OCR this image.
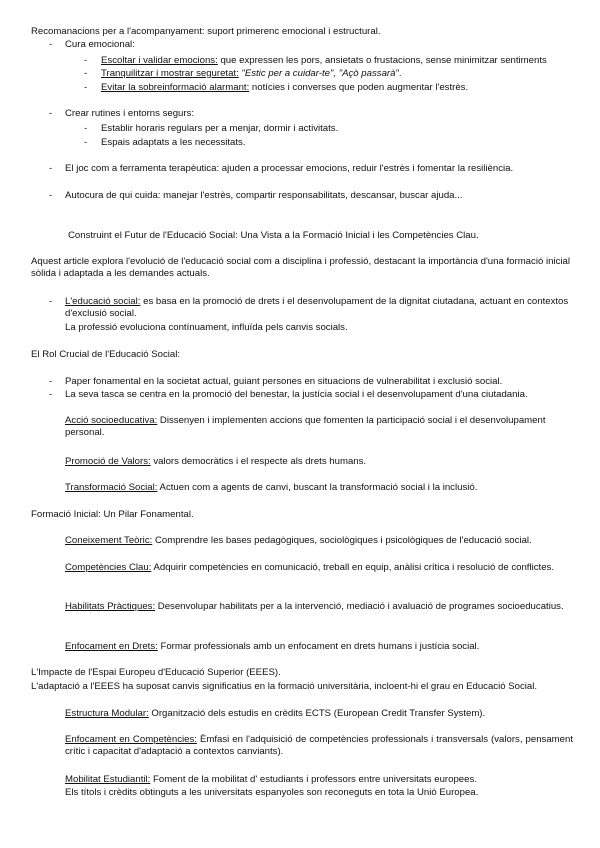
Recomanacions per a l'acompanyament: suport primerenc emocional i estructural.
- Cura emocional:
- Escoltar i validar emocions: que expressen les pors, ansietats o frustacions, sense minimitzar sentiments
- Tranquilitzar i mostrar seguretat: "Estic per a cuidar-te", "Açò passarà".
- Evitar la sobreinformació alarmant: notícies i converses que poden augmentar l'estrès.
- Crear rutines i entorns segurs:
- Establir horaris regulars per a menjar, dormir i activitats.
- Espais adaptats a les necessitats.
- El joc com a ferramenta terapèutica: ajuden a processar emocions, reduir l'estrès i fomentar la resiliència.
- Autocura de qui cuida: manejar l'estrès, compartir responsabilitats, descansar, buscar ajuda...
Construint el Futur de l'Educació Social: Una Vista a la Formació Inicial i les Competències Clau.
Aquest article explora l'evolució de l'educació social com a disciplina i professió, destacant la importància d'una formació inicial sòlida i adaptada a les demandes actuals.
- L'educació social: es basa en la promoció de drets i el desenvolupament de la dignitat ciutadana, actuant en contextos d'exclusió social.
La professió evoluciona contínuament, influïda pels canvis socials.
El Rol Crucial de l'Educació Social:
- Paper fonamental en la societat actual, guiant persones en situacions de vulnerabilitat i exclusió social.
- La seva tasca se centra en la promoció del benestar, la justícia social i el desenvolupament d'una ciutadania.
Acció socioeducativa: Dissenyen i implementen accions que fomenten la participació social i el desenvolupament personal.
Promoció de Valors: valors democràtics i el respecte als drets humans.
Transformació Social: Actuen com a agents de canvi, buscant la transformació social i la inclusió.
Formació Inicial: Un Pilar Fonamental.
Coneixement Teòric: Comprendre les bases pedagògiques, sociològiques i psicològiques de l'educació social.
Competències Clau: Adquirir competències en comunicació, treball en equip, anàlisi crítica i resolució de conflictes.
Habilitats Pràctiques: Desenvolupar habilitats per a la intervenció, mediació i avaluació de programes socioeducatius.
Enfocament en Drets: Formar professionals amb un enfocament en drets humans i justícia social.
L'Impacte de l'Espai Europeu d'Educació Superior (EEES).
L'adaptació a l'EEES ha suposat canvis significatius en la formació universitària, incloent-hi el grau en Educació Social.
Estructura Modular: Organització dels estudis en crèdits ECTS (European Credit Transfer System).
Enfocament en Competències: Èmfasi en l'adquisició de competències professionals i transversals (valors, pensament crític i capacitat d'adaptació a contextos canviants).
Mobilitat Estudiantil: Foment de la mobilitat d' estudiants i professors entre universitats europees.
Els títols i crèdits obtinguts a les universitats espanyoles son reconeguts en tota la Unió Europea.
